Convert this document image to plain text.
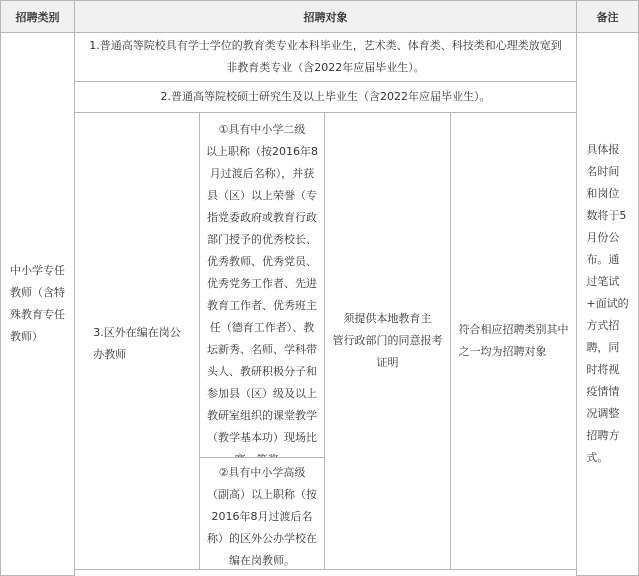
招聘类别	招聘对象	备注
中小学专任
教师（含特
殊教育专任
教师）
具体报
名时间
和岗位
数将于5
月份公
布。通
过笔试
+面试的
方式招
聘，同
时将视
疫情情
况调整
招聘方
式。
1.普通高等院校具有学士学位的教育类专业本科毕业生，艺术类、体育类、科技类和心理类放宽到非教育类专业（含2022年应届毕业生）。
2.普通高等院校硕士研究生及以上毕业生（含2022年应届毕业生）。
3.区外在编在岗公
办教师
①具有中小学二级
以上职称（按2016年8
月过渡后名称），并获
县（区）以上荣誉（专
指党委政府或教育行政
部门授予的优秀校长、
优秀教师、优秀党员、
优秀党务工作者、先进
教育工作者、优秀班主
任（德育工作者）、教
坛新秀、名师、学科带
头人、教研积极分子和
参加县（区）级及以上
教研室组织的课堂教学
（教学基本功）现场比

②具有中小学高级
（副高）以上职称（按
2016年8月过渡后名
称）的区外公办学校在
编在岗教师。
须提供本地教育主
管行政部门的同意报考
证明
符合相应招聘类别其中
之一均为招聘对象
